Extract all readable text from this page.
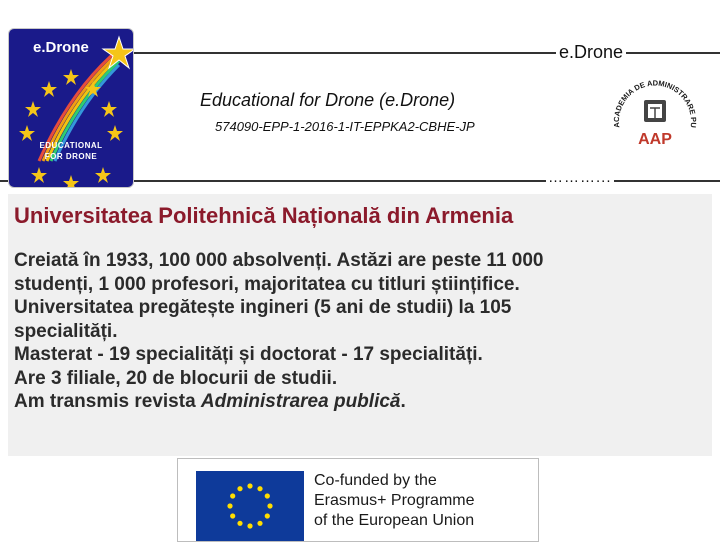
e.Drone
EDUCATIONAL
FOR DRONE
e.Drone
Educational for Drone (e.Drone)
574090-EPP-1-2016-1-IT-EPPKA2-CBHE-JP
………...
ACADEMIA DE ADMINISTRARE PU
AAP
Universitatea Politehnică Națională din Armenia
Creiată în 1933, 100 000 absolvenți. Astăzi are peste 11 000
studenți, 1 000 profesori, majoritatea cu titluri științifice.
Universitatea pregătește ingineri (5 ani de studii) la 105
specialități.
Masterat - 19 specialități și doctorat - 17 specialități.
Are 3 filiale, 20 de blocurii de studii.
Am transmis revista Administrarea publică.
Co-funded by the
Erasmus+ Programme
of the European Union
